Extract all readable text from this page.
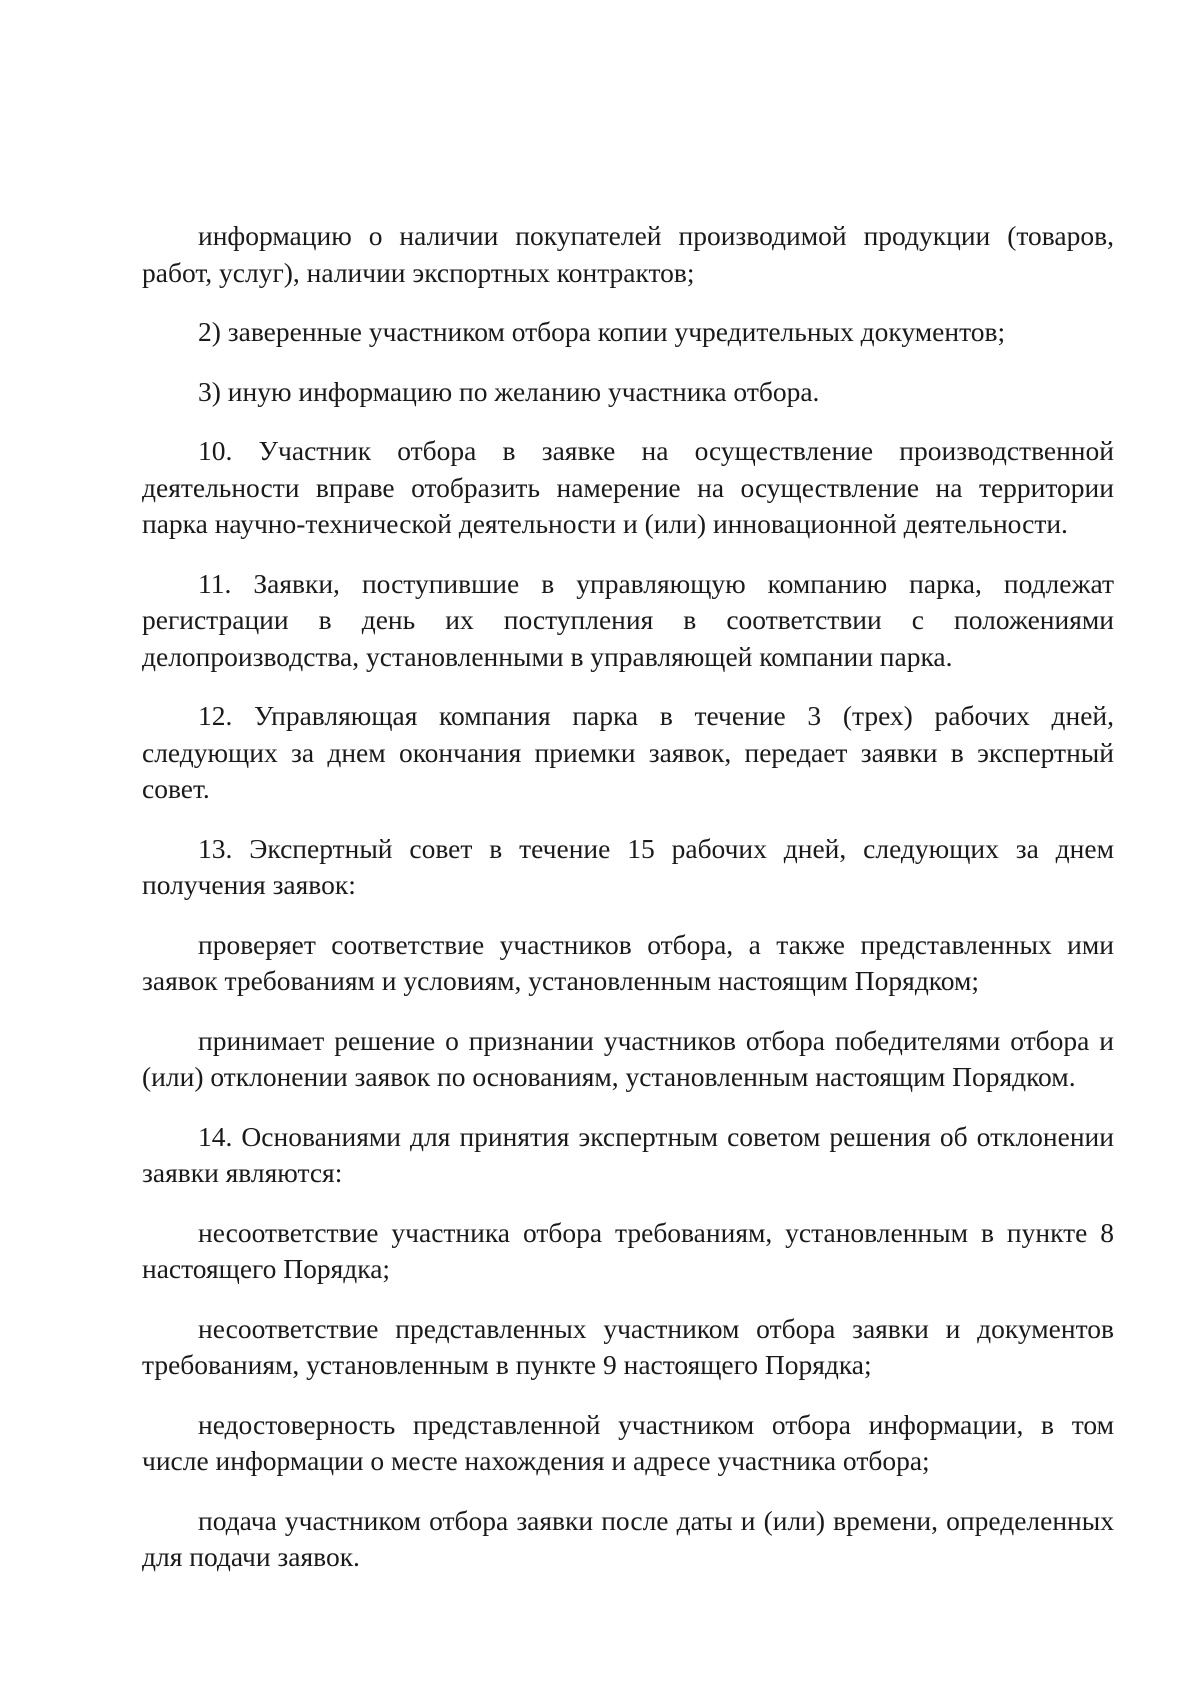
информацию о наличии покупателей производимой продукции (товаров, работ, услуг), наличии экспортных контрактов;

2) заверенные участником отбора копии учредительных документов;

3) иную информацию по желанию участника отбора.

10. Участник отбора в заявке на осуществление производственной деятельности вправе отобразить намерение на осуществление на территории парка научно-технической деятельности и (или) инновационной деятельности.

11. Заявки, поступившие в управляющую компанию парка, подлежат регистрации в день их поступления в соответствии с положениями делопроизводства, установленными в управляющей компании парка.

12. Управляющая компания парка в течение 3 (трех) рабочих дней, следующих за днем окончания приемки заявок, передает заявки в экспертный совет.

13. Экспертный совет в течение 15 рабочих дней, следующих за днем получения заявок:

проверяет соответствие участников отбора, а также представленных ими заявок требованиям и условиям, установленным настоящим Порядком;

принимает решение о признании участников отбора победителями отбора и (или) отклонении заявок по основаниям, установленным настоящим Порядком.

14. Основаниями для принятия экспертным советом решения об отклонении заявки являются:

несоответствие участника отбора требованиям, установленным в пункте 8 настоящего Порядка;

несоответствие представленных участником отбора заявки и документов требованиям, установленным в пункте 9 настоящего Порядка;

недостоверность представленной участником отбора информации, в том числе информации о месте нахождения и адресе участника отбора;

подача участником отбора заявки после даты и (или) времени, определенных для подачи заявок.
